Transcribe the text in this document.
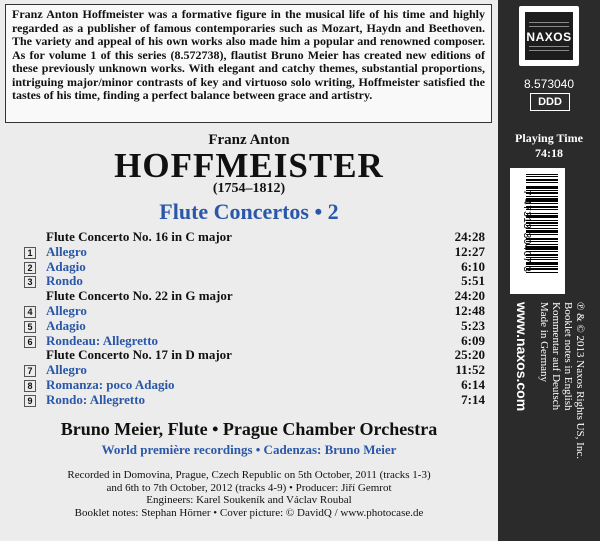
Franz Anton Hoffmeister was a formative figure in the musical life of his time and highly regarded as a publisher of famous contemporaries such as Mozart, Haydn and Beethoven. The variety and appeal of his own works also made him a popular and renowned composer. As for volume 1 of this series (8.572738), flautist Bruno Meier has created new editions of these previously unknown works. With elegant and catchy themes, substantial proportions, intriguing major/minor contrasts of key and virtuoso solo writing, Hoffmeister satisfied the tastes of his time, finding a perfect balance between grace and artistry.
Franz Anton
HOFFMEISTER
(1754–1812)
Flute Concertos • 2
Flute Concerto No. 16 in C major	24:28
1 Allegro	12:27
2 Adagio	6:10
3 Rondo	5:51
Flute Concerto No. 22 in G major	24:20
4 Allegro	12:48
5 Adagio	5:23
6 Rondeau: Allegretto	6:09
Flute Concerto No. 17 in D major	25:20
7 Allegro	11:52
8 Romanza: poco Adagio	6:14
9 Rondo: Allegretto	7:14
Bruno Meier, Flute • Prague Chamber Orchestra
World première recordings • Cadenzas: Bruno Meier
Recorded in Domovina, Prague, Czech Republic on 5th October, 2011 (tracks 1-3)
and 6th to 7th October, 2012 (tracks 4-9) • Producer: Jiří Gemrot
Engineers: Karel Soukeník and Václav Roubal
Booklet notes: Stephan Hörner • Cover picture: © DavidQ / www.photocase.de
NAXOS
8.573040
DDD
Playing Time
74:18
7 47313 30407 3
www.naxos.com	℗ & © 2013 Naxos Rights US, Inc.
Booklet notes in English
Kommentar auf Deutsch
Made in Germany
